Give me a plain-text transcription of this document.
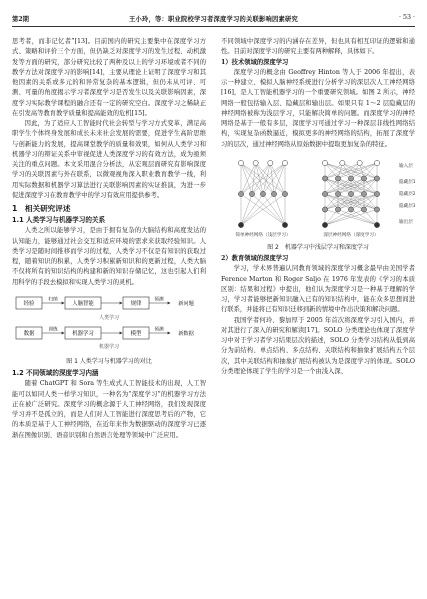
第2期	王小玲，等：职业院校学习者深度学习的关联影响因素研究	· 53 ·

思考者，而非记忆者”[13]。目前国内的研究主要集中在深度学习方式、策略和评价三个方面，但仍缺乏对深度学习的发生过程、动机激发等方面的研究，部分研究比较了两种及以上的学习环境或者不同的教学方法对深度学习的影响[14]，主要从理论上证明了深度学习和其他因素的关系或多元的和异常复杂的基本逻辑，但仍未从可评、可测、可量的角度揭示学习者深度学习是否发生以及关联影响因素，深度学习实际教学课程的融合还有一定的研究空白。深度学习之稀缺正在引发高等教育教学质量和提高能效的危机[15]。

因此，为了适应人工智能时代社会转型与学习方式变革，满足高职学生个体终身发展和成长未来社会发展的需要，促进学生高阶思维与创新能力的发展，提高课堂教学的质量和效果，如何从人类学习和机器学习的辩证关系中审视促进人类深度学习的有效方法，成为亟须关注的重点问题。本文采用混合分析法，从宏观层面研究有影响深度学习的关联因素与外在联系，以微观视角深入职业教育教学一线，利用实际数据和机器学习算法进行关联影响因素的实证推演，为进一步促进深度学习在教育教学中的学习有效应用提供参考。

1　相关研究评述
1.1 人类学习与机器学习的关系

人类之所以能够学习，是由于拥有复杂的大脑结构和高度发达的认知能力，能够通过社会交互和适应环境的需求来获取经验知识。人类学习是随时间推移而学习的过程，人类学习不仅是有知识的获取过程，随着知识的积累，人类学习积累新知识和的更新过程，人类大脑不仅将所有的知识结构的构建和新的知识存储记忆，这也引起人们利用科学的手段去模拟和实现人类学习的灵机。

经验
归纳
人脑智能	规律
预测
新问题
人类学习
数据
训练
机器学习	模型
预测
新数据
机器学习
图 1 人类学习与机器学习的对比
1.2 不同领域的深度学习内涵

随着 ChatGPT 和 Sora 等生成式人工智能技术的出现，人工智能可以如同人类一样学习知识，一种名为“深度学习”的机器学习方法正在被广泛研究。深度学习的概念源于人工神经网络，我们发现深度学习并不是孤立的，而是人们对人工智能进行深度思考后的产物，它的本质是基于人工神经网络，在近年来作为数据驱动的深度学习已逐渐在图像识别、语音识别和自然语言处理等领域中广泛应用。

不同领域中深度学习的内涵存在差异，但也具有相互印证的逻辑和通性。目前对深度学习的研究主要有两种解释，具体如下。

1）技术领域的深度学习

深度学习的概念由 Geoffrey Hinton 等人于 2006 年提出，表示一种建立、模拟人脑神经系统进行分析学习的深层次人工神经网络[16]，是人工智能机器学习的一个重要研究领域。如图 2 所示，神经网络一般包括输入层、隐藏层和输出层。如果只有 1～2 层隐藏层的神经网络被称为浅层学习，只能解决简单的问题。而深度学习的神经网络是基于一般有多层，深度学习可通过学习一种深层非线性网络结构，实现复杂函数逼近，模拟更多的神经网络的结构，拓展了深度学习的层次，通过神经网络从原始数据中提取更加复杂的特征。

输入层
隐藏层1
隐藏层2
隐藏层3
输出层
简单神经网络（浅层学习）	深层神经网络（深度学习）
图 2　机器学习中浅层学习和深度学习
2）教育领域的深度学习

学习，学术界普遍认同教育领域的深度学习概念最早由美国学者 Ference Marton 和 Roger Saljo 在 1976 年发表的《学习的本质区别：结果和过程》中提出，他们认为深度学习是一种基于理解的学习，学习者能够把新知识融入已有的知识结构中，能在众多思想间进行联系，并能将已有知识迁移到新的情境中作出决策和解决问题。

我国学者何玲、黎加厚于 2005 年首次将深度学习引入国内，并对其进行了深入的研究和解读[17]。SOLO 分类理论也体现了深度学习中对于学习者学习结果层次的描述，SOLO 分类学习结构从低到高分为前结构、单点结构、多点结构、关联结构和抽象扩展结构五个层次，其中关联结构和抽象扩展结构被认为是深度学习的体现。SOLO 分类理论体现了学生的学习是一个由浅入深、
